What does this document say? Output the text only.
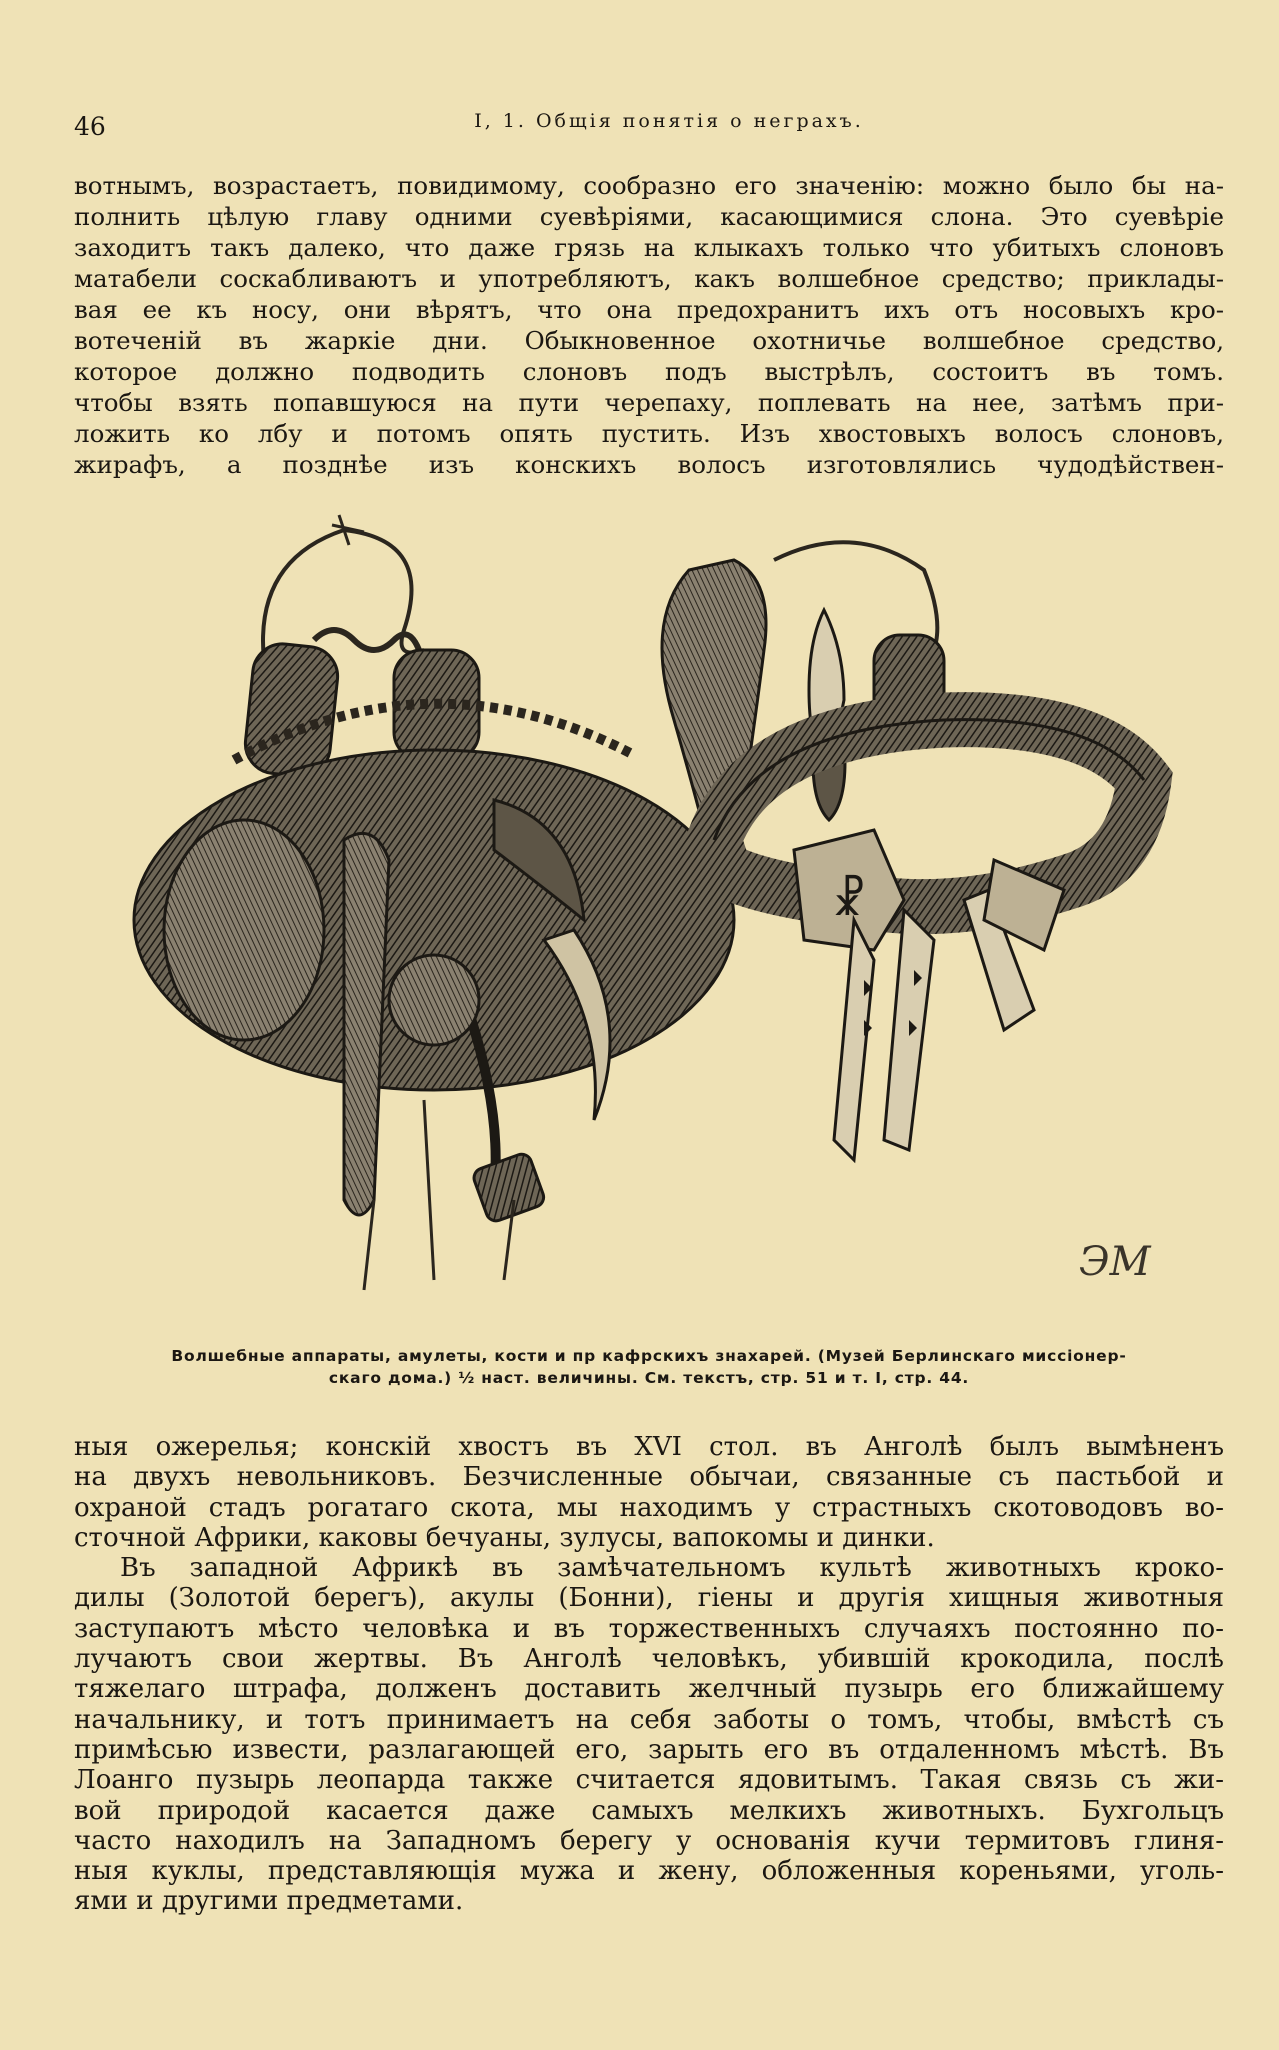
46	I, 1. Общія понятія о неграхъ.
вотнымъ, возрастаетъ, повидимому, сообразно его значенію: можно было бы на-
полнить цѣлую главу одними суевѣріями, касающимися слона. Это суевѣріе
заходитъ такъ далеко, что даже грязь на клыкахъ только что убитыхъ слоновъ
матабели соскабливаютъ и употребляютъ, какъ волшебное средство; приклады-
вая ее къ носу, они вѣрятъ, что она предохранитъ ихъ отъ носовыхъ кро-
вотеченій въ жаркіе дни. Обыкновенное охотничье волшебное средство,
которое должно подводить слоновъ подъ выстрѣлъ, состоитъ въ томъ.
чтобы взять попавшуюся на пути черепаху, поплевать на нее, затѣмъ при-
ложить ко лбу и потомъ опять пустить. Изъ хвостовыхъ волосъ слоновъ,
жирафъ, а позднѣе изъ конскихъ волосъ изготовлялись чудодѣйствен-
☧
ЭМ
Волшебные аппараты, амулеты, кости и пр кафрскихъ знахарей. (Музей Берлинскаго миссіонер-
скаго дома.) ½ наст. величины. См. текстъ, стр. 51 и т. I, стр. 44.
ныя ожерелья; конскій хвостъ въ XVI стол. въ Анголѣ былъ вымѣненъ
на двухъ невольниковъ. Безчисленные обычаи, связанные съ пастьбой и
охраной стадъ рогатаго скота, мы находимъ у страстныхъ скотоводовъ во-
сточной Африки, каковы бечуаны, зулусы, вапокомы и динки.
Въ западной Африкѣ въ замѣчательномъ культѣ животныхъ кроко-
дилы (Золотой берегъ), акулы (Бонни), гіены и другія хищныя животныя
заступаютъ мѣсто человѣка и въ торжественныхъ случаяхъ постоянно по-
лучаютъ свои жертвы. Въ Анголѣ человѣкъ, убившій крокодила, послѣ
тяжелаго штрафа, долженъ доставить желчный пузырь его ближайшему
начальнику, и тотъ принимаетъ на себя заботы о томъ, чтобы, вмѣстѣ съ
примѣсью извести, разлагающей его, зарыть его въ отдаленномъ мѣстѣ. Въ
Лоанго пузырь леопарда также считается ядовитымъ. Такая связь съ жи-
вой природой касается даже самыхъ мелкихъ животныхъ. Бухгольцъ
часто находилъ на Западномъ берегу у основанія кучи термитовъ глиня-
ныя куклы, представляющія мужа и жену, обложенныя кореньями, уголь-
ями и другими предметами.
